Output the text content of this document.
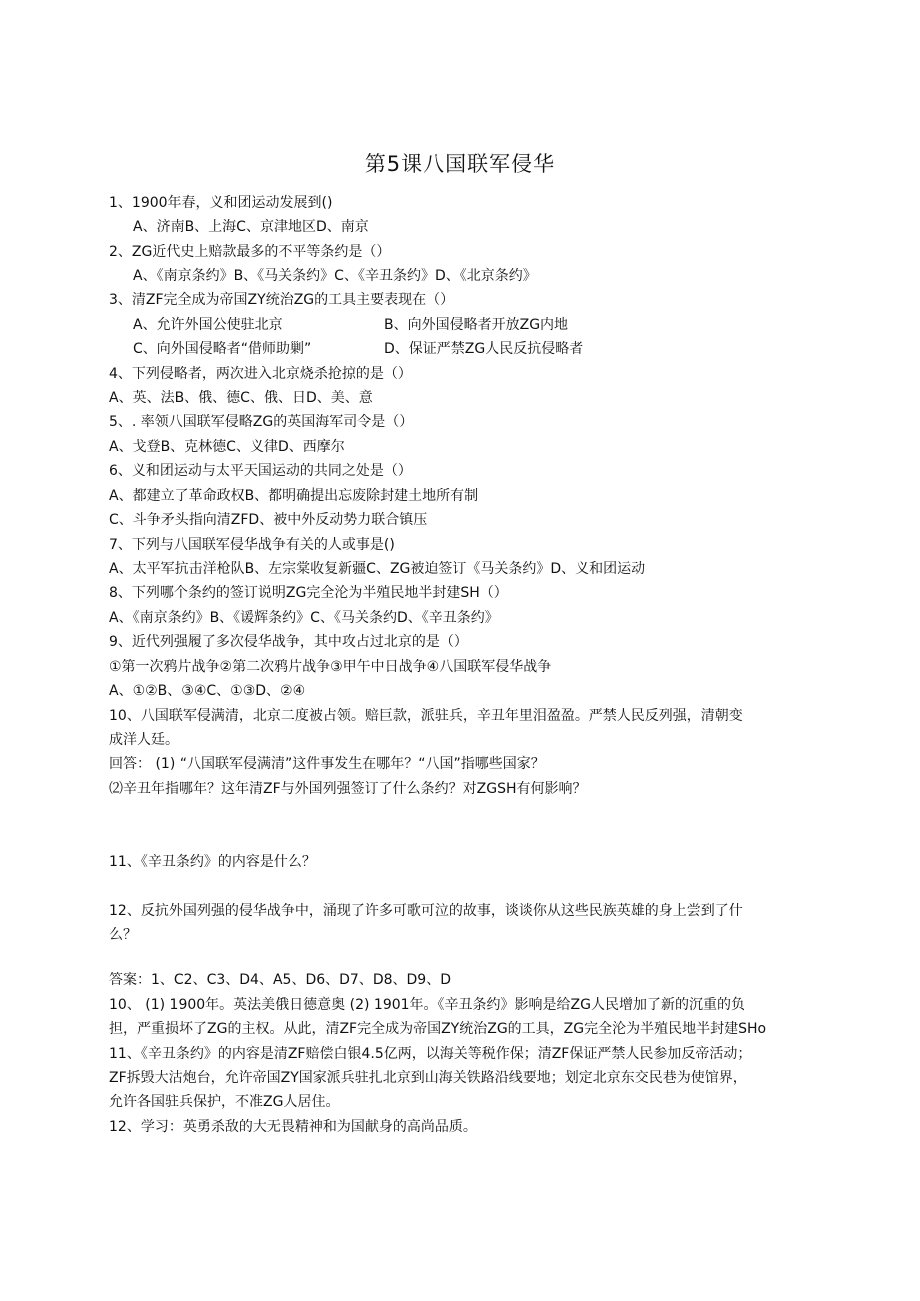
第5课八国联军侵华
1、1900年春，义和团运动发展到()
A、济南B、上海C、京津地区D、南京
2、ZG近代史上赔款最多的不平等条约是（）
A、《南京条约》B、《马关条约》C、《辛丑条约》D、《北京条约》
3、清ZF完全成为帝国ZY统治ZG的工具主要表现在（）
A、允许外国公使驻北京	B、向外国侵略者开放ZG内地
C、向外国侵略者“借师助剿”	D、保证严禁ZG人民反抗侵略者
4、下列侵略者，两次进入北京烧杀抢掠的是（）
A、英、法B、俄、德C、俄、日D、美、意
5、. 率领八国联军侵略ZG的英国海军司令是（）
A、戈登B、克林德C、义律D、西摩尔
6、义和团运动与太平天国运动的共同之处是（）
A、都建立了革命政权B、都明确提出忘废除封建土地所有制
C、斗争矛头指向清ZFD、被中外反动势力联合镇压
7、下列与八国联军侵华战争有关的人或事是()
A、太平军抗击洋枪队B、左宗棠收复新疆C、ZG被迫签订《马关条约》D、义和团运动
8、下列哪个条约的签订说明ZG完全沦为半殖民地半封建SH（）
A、《南京条约》B、《谖辉条约》C、《马关条约D、《辛丑条约》
9、近代列强履了多次侵华战争，其中攻占过北京的是（）
①第一次鸦片战争②第二次鸦片战争③甲午中日战争④八国联军侵华战争
A、①②B、③④C、①③D、②④
10、八国联军侵满清，北京二度被占领。赔巨款，派驻兵，辛丑年里泪盈盈。严禁人民反列强，清朝变
成洋人廷。
回答： (1) “八国联军侵满清”这件事发生在哪年？“八国”指哪些国家？
⑵辛丑年指哪年？这年清ZF与外国列强签订了什么条约？对ZGSH有何影响？
11、《辛丑条约》的内容是什么？
12、反抗外国列强的侵华战争中，涌现了许多可歌可泣的故事，谈谈你从这些民族英雄的身上尝到了什
么？
答案：1、C2、C3、D4、A5、D6、D7、D8、D9、D
10、 (1) 1900年。英法美俄日德意奥 (2) 1901年。《辛丑条约》影响是给ZG人民增加了新的沉重的负
担，严重损坏了ZG的主权。从此，清ZF完全成为帝国ZY统治ZG的工具，ZG完全沦为半殖民地半封建SHo
11、《辛丑条约》的内容是清ZF赔偿白银4.5亿两，以海关等税作保；清ZF保证严禁人民参加反帝活动；
ZF拆毁大沽炮台，允许帝国ZY国家派兵驻扎北京到山海关铁路沿线要地；划定北京东交民巷为使馆界，
允许各国驻兵保护，不准ZG人居住。
12、学习：英勇杀敌的大无畏精神和为国献身的高尚品质。
